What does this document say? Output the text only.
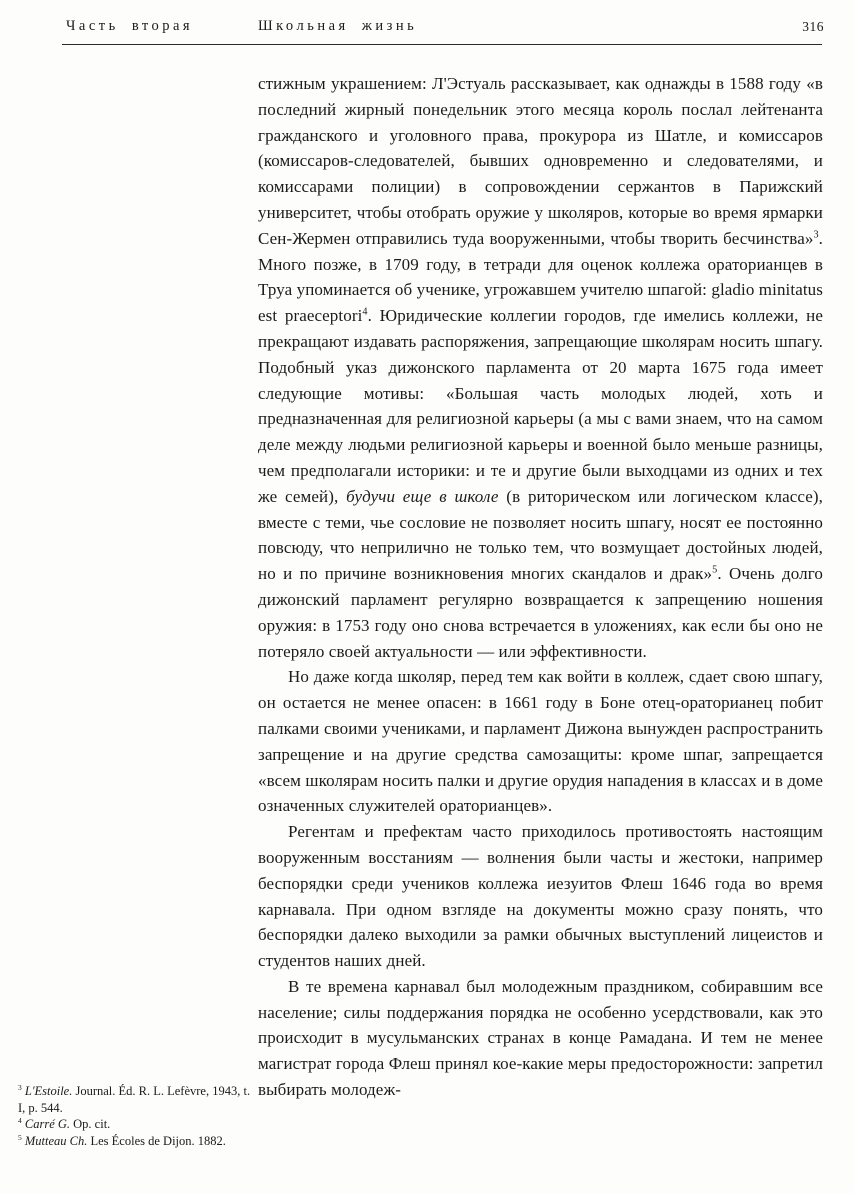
Часть вторая	Школьная жизнь	316

стижным украшением: Л'Эстуаль рассказывает, как однажды в 1588 году «в последний жирный понедельник этого месяца король послал лейтенанта гражданского и уголовного права, прокурора из Шатле, и комиссаров (комиссаров-следователей, бывших одновременно и следователями, и комиссарами полиции) в сопровождении сержантов в Парижский университет, чтобы отобрать оружие у школяров, которые во время ярмарки Сен-Жермен отправились туда вооруженными, чтобы творить бесчинства»$^3$. Много позже, в 1709 году, в тетради для оценок коллежа ораторианцев в Труа упоминается об ученике, угрожавшем учителю шпагой: gladio minitatus est praeceptori$^4$. Юридические коллегии городов, где имелись коллежи, не прекращают издавать распоряжения, запрещающие школярам носить шпагу. Подобный указ дижонского парламента от 20 марта 1675 года имеет следующие мотивы: «Большая часть молодых людей, хоть и предназначенная для религиозной карьеры (а мы с вами знаем, что на самом деле между людьми религиозной карьеры и военной было меньше разницы, чем предполагали историки: и те и другие были выходцами из одних и тех же семей), будучи еще в школе (в риторическом или логическом классе), вместе с теми, чье сословие не позволяет носить шпагу, носят ее постоянно повсюду, что неприлично не только тем, что возмущает достойных людей, но и по причине возникновения многих скандалов и драк»$^5$. Очень долго дижонский парламент регулярно возвращается к запрещению ношения оружия: в 1753 году оно снова встречается в уложениях, как если бы оно не потеряло своей актуальности — или эффективности.

Но даже когда школяр, перед тем как войти в коллеж, сдает свою шпагу, он остается не менее опасен: в 1661 году в Боне отец-ораторианец побит палками своими учениками, и парламент Дижона вынужден распространить запрещение и на другие средства самозащиты: кроме шпаг, запрещается «всем школярам носить палки и другие орудия нападения в классах и в доме означенных служителей ораторианцев».

Регентам и префектам часто приходилось противостоять настоящим вооруженным восстаниям — волнения были часты и жестоки, например беспорядки среди учеников коллежа иезуитов Флеш 1646 года во время карнавала. При одном взгляде на документы можно сразу понять, что беспорядки далеко выходили за рамки обычных выступлений лицеистов и студентов наших дней.

В те времена карнавал был молодежным праздником, собиравшим все население; силы поддержания порядка не особенно усердствовали, как это происходит в мусульманских странах в конце Рамадана. И тем не менее магистрат города Флеш принял кое-какие меры предосторожности: запретил выбирать молодеж-

$^3$ L'Estoile. Journal. Éd. R. L. Lefèvre, 1943, t. I, p. 544.
$^4$ Carré G. Op. cit.
$^5$ Mutteau Ch. Les Écoles de Dijon. 1882.
